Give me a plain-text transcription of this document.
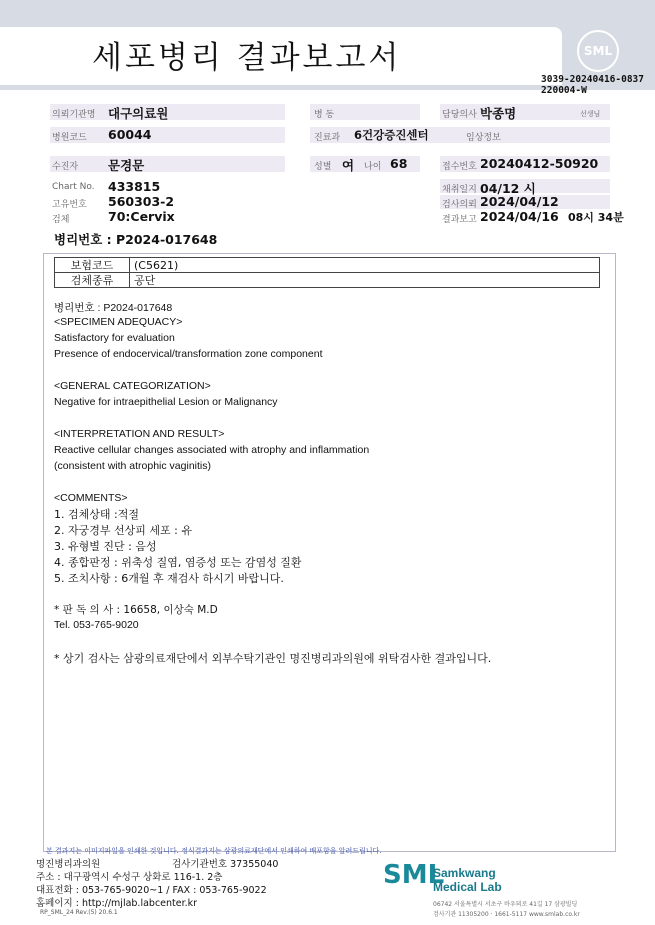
세포병리 결과보고서	SML
3039-20240416-0837
220004-W
의뢰기관명 대구의료원	병 동	담당의사 박종명	선생님
병원코드 60044	진료과 6건강증진센터	임상정보
수진자 문경문	성별 여 나이 68	접수번호 20240412-50920
Chart No. 433815
고유번호 560303-2
검체	70:Cervix
채취일지 04/12 시
검사의뢰 2024/04/12
결과보고 2024/04/16 08시 34분
병리번호 : P2024-017648
보험코드	(C5621)
검체종류	공단
병리번호 : P2024-017648
<SPECIMEN ADEQUACY>
Satisfactory for evaluation
Presence of endocervical/transformation zone component
<GENERAL CATEGORIZATION>
Negative for intraepithelial Lesion or Malignancy
<INTERPRETATION AND RESULT>
Reactive cellular changes associated with atrophy and inflammation
(consistent with atrophic vaginitis)
<COMMENTS>
1. 검체상태 :적절
2. 자궁경부 선상피 세포 : 유
3. 유형별 진단 : 음성
4. 종합판정 : 위축성 질염, 염증성 또는 감염성 질환
5. 조치사항 : 6개월 후 재검사 하시기 바랍니다.
* 판 독 의 사 : 16658, 이상숙 M.D
Tel. 053-765-9020
* 상기 검사는 삼광의료재단에서 외부수탁기관인 명진병리과의원에 위탁검사한 결과입니다.
본 결과지는 이미지파일을 인쇄한 것입니다. 정식결과지는 삼광의료재단에서 인쇄하여 배포함을 알려드립니다.
명진병리과의원	검사기관번호 37355040
주소 : 대구광역시 수성구 상화로 116-1. 2층
대표전화 : 053-765-9020~1 / FAX : 053-765-9022
홈페이지 : http://mjlab.labcenter.kr
RP_SML_24 Rev.(5) 20.6.1
SML
Samkwang
Medical Lab
06742 서울특별시 서초구 바우뫼로 41길 17 삼광빌딩
검사기관 11305200 · 1661-5117 www.smlab.co.kr
